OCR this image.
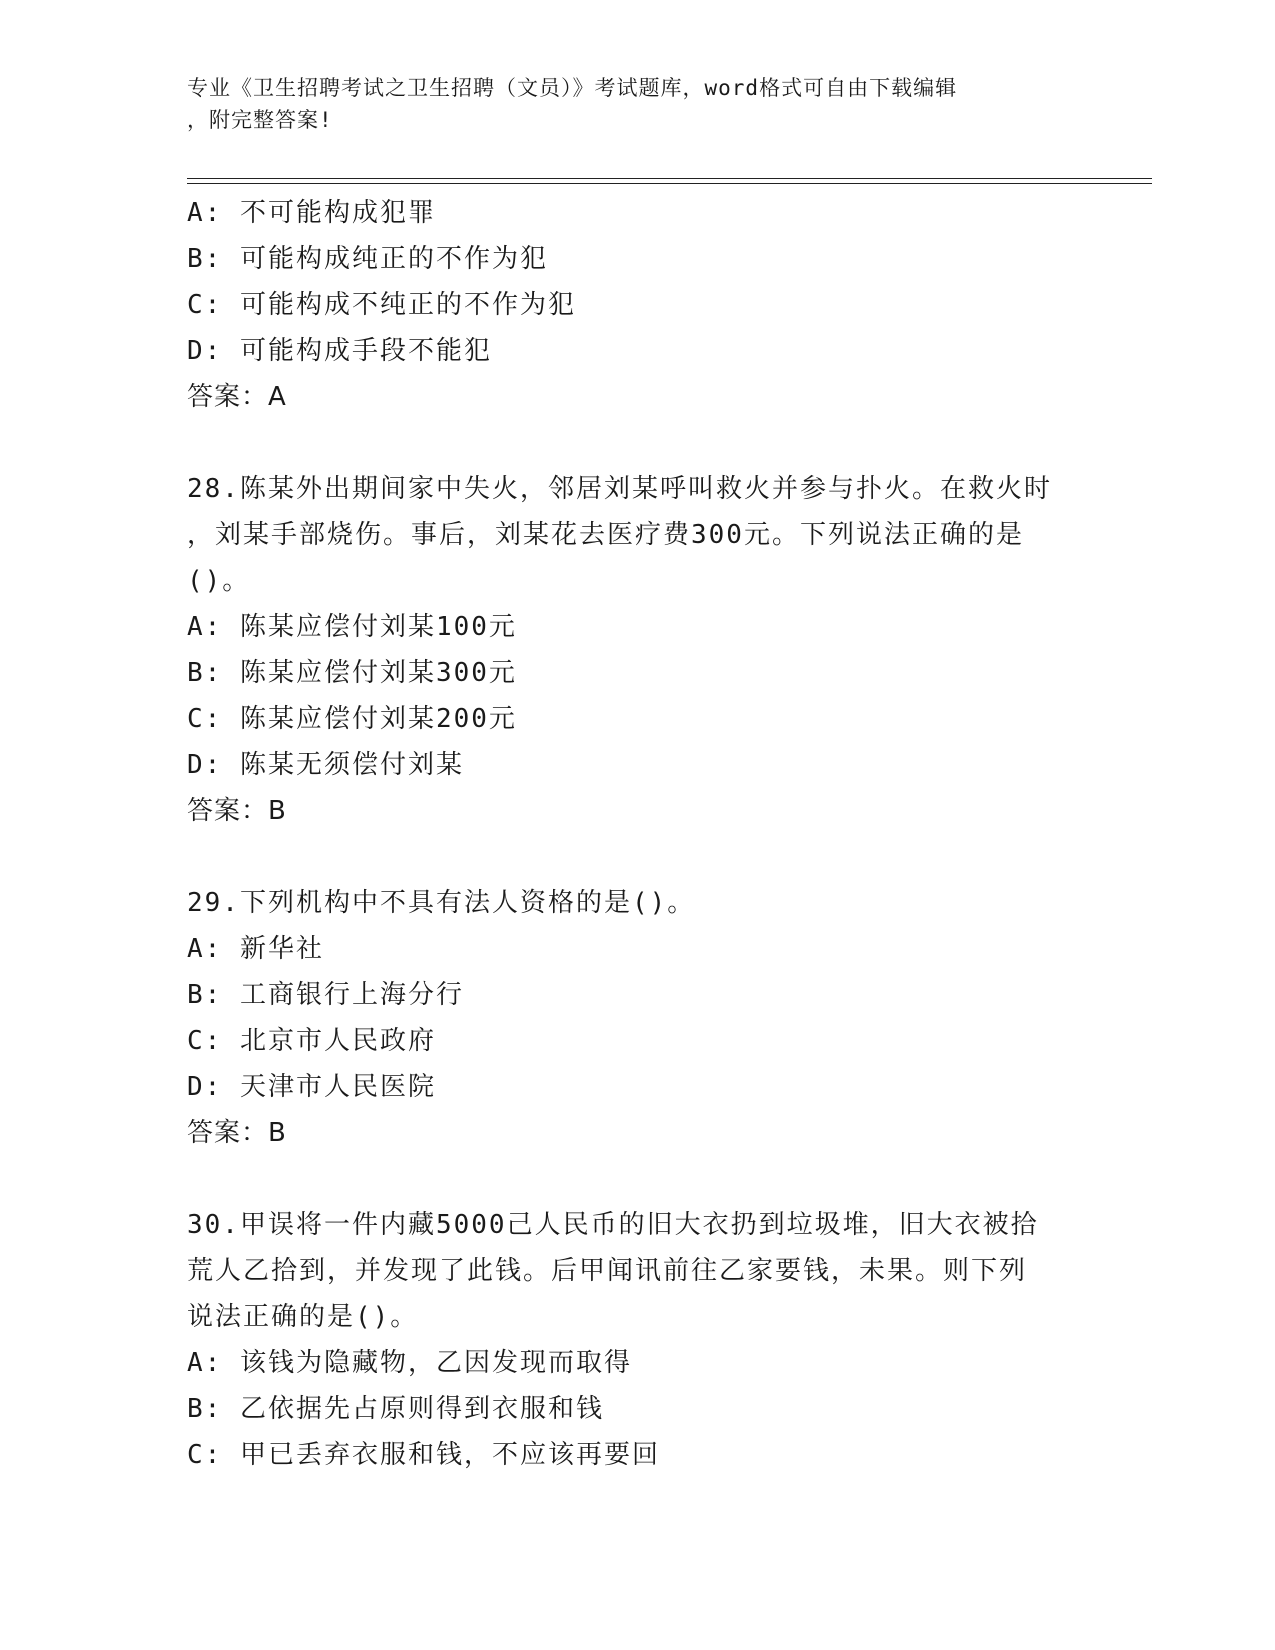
专业《卫生招聘考试之卫生招聘（文员）》考试题库，word格式可自由下载编辑
，附完整答案!
A: 不可能构成犯罪
B: 可能构成纯正的不作为犯
C: 可能构成不纯正的不作为犯
D: 可能构成手段不能犯
答案：A
28.陈某外出期间家中失火，邻居刘某呼叫救火并参与扑火。在救火时
，刘某手部烧伤。事后，刘某花去医疗费300元。下列说法正确的是
()。
A: 陈某应偿付刘某100元
B: 陈某应偿付刘某300元
C: 陈某应偿付刘某200元
D: 陈某无须偿付刘某
答案：B
29.下列机构中不具有法人资格的是()。
A: 新华社
B: 工商银行上海分行
C: 北京市人民政府
D: 天津市人民医院
答案：B
30.甲误将一件内藏5000己人民币的旧大衣扔到垃圾堆，旧大衣被拾
荒人乙拾到，并发现了此钱。后甲闻讯前往乙家要钱，未果。则下列
说法正确的是()。
A: 该钱为隐藏物，乙因发现而取得
B: 乙依据先占原则得到衣服和钱
C: 甲已丢弃衣服和钱，不应该再要回
